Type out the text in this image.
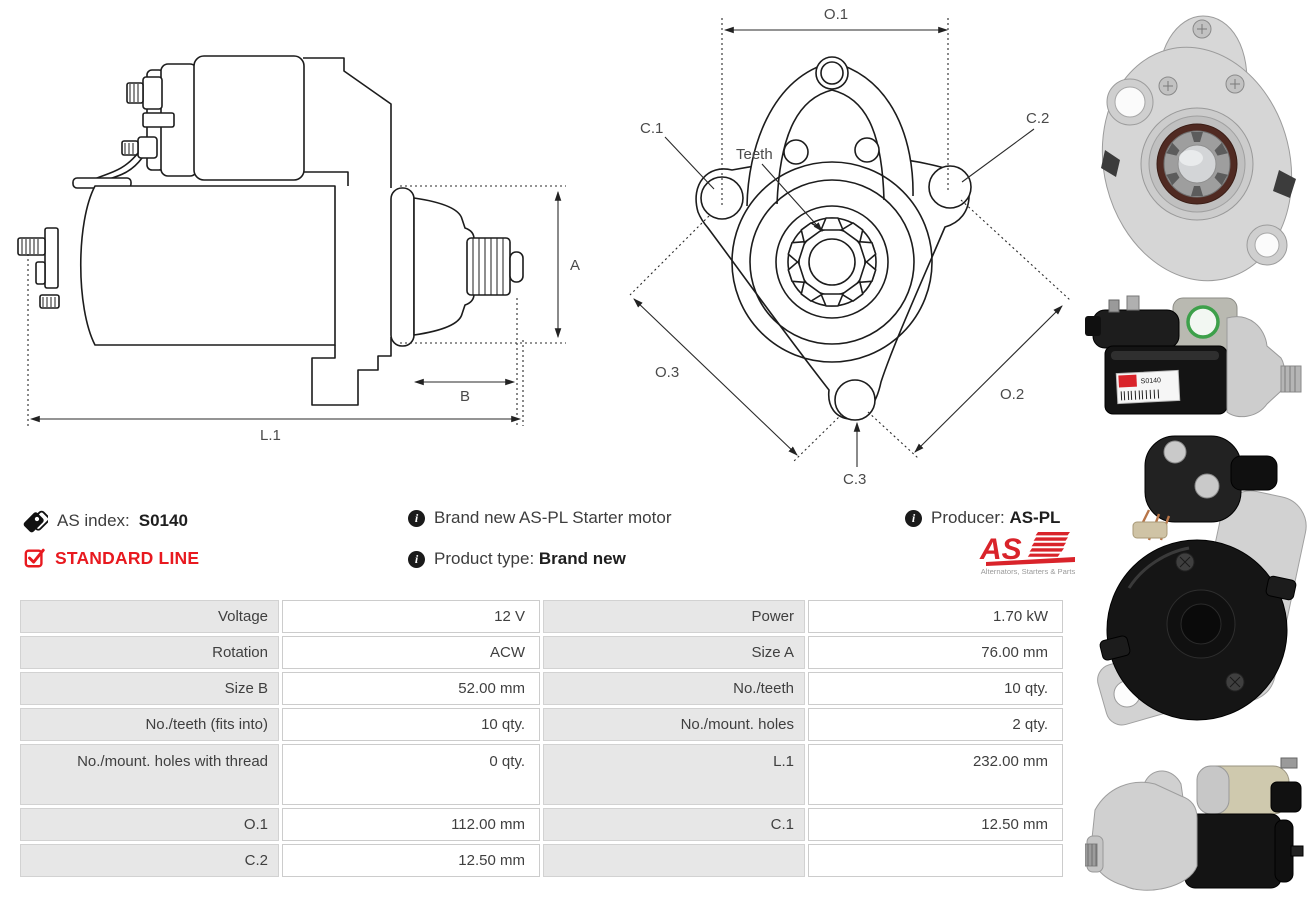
A
B
L.1
O.1
C.1
C.2
Teeth
O.3
O.2
C.3
AS index: S0140
STANDARD LINE
i Brand new AS-PL Starter motor
i Product type: Brand new
i Producer: AS-PL
AS
Alternators, Starters & Parts
Voltage	12 V	Power	1.70 kW
Rotation	ACW	Size A	76.00 mm
Size B	52.00 mm	No./teeth	10 qty.
No./teeth (fits into)	10 qty.	No./mount. holes	2 qty.
No./mount. holes with thread	0 qty.	L.1	232.00 mm
O.1	112.00 mm	C.1	12.50 mm
C.2	12.50 mm		
S0140
